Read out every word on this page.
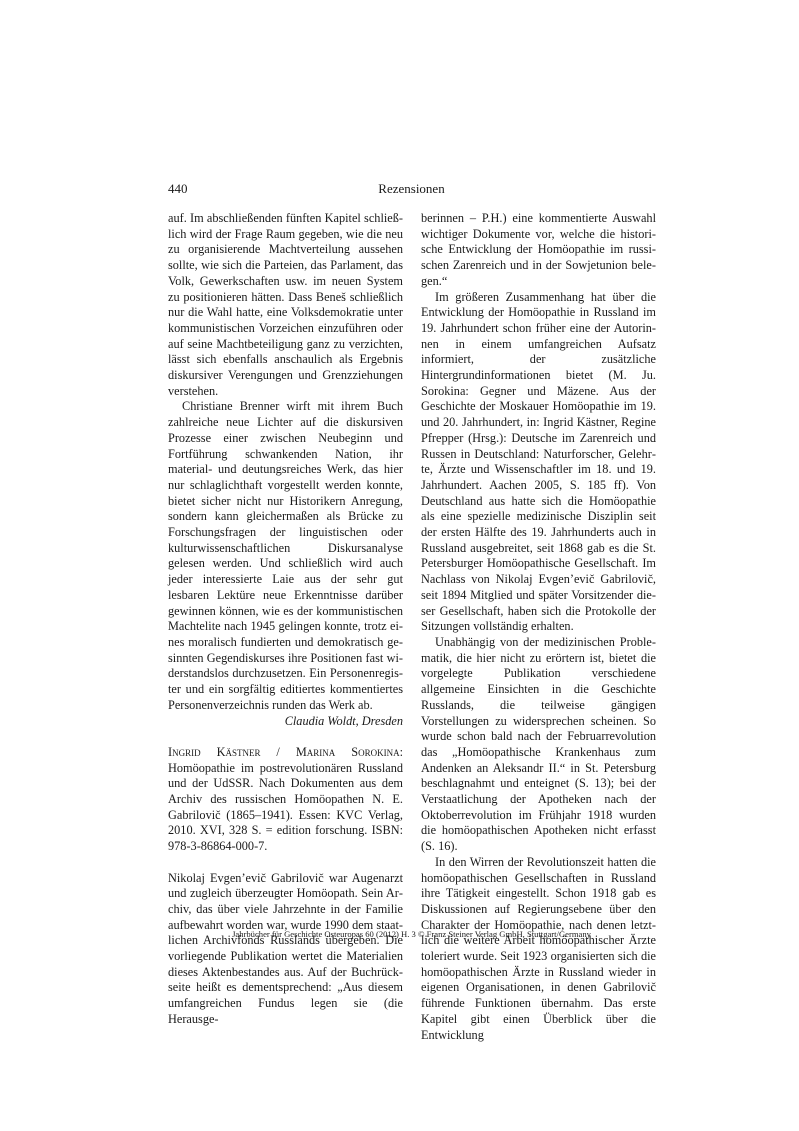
440	Rezensionen

auf. Im abschließenden fünften Kapitel schließlich wird der Frage Raum gegeben, wie die neu zu organisierende Machtverteilung aussehen sollte, wie sich die Parteien, das Parlament, das Volk, Gewerkschaften usw. im neuen System zu positionieren hätten. Dass Beneš schließlich nur die Wahl hatte, eine Volksdemokratie unter kommunistischen Vorzeichen einzuführen oder auf seine Machtbeteiligung ganz zu verzichten, lässt sich ebenfalls anschaulich als Ergebnis diskursiver Verengungen und Grenzziehungen verstehen.

Christiane Brenner wirft mit ihrem Buch zahlreiche neue Lichter auf die diskursiven Prozesse einer zwischen Neubeginn und Fortführung schwankenden Nation, ihr material- und deutungsreiches Werk, das hier nur schlaglichthaft vorgestellt werden konnte, bietet sicher nicht nur Historikern Anregung, sondern kann gleichermaßen als Brücke zu Forschungsfragen der linguistischen oder kulturwissenschaftlichen Diskursanalyse gelesen werden. Und schließlich wird auch jeder interessierte Laie aus der sehr gut lesbaren Lektüre neue Erkenntnisse darüber gewinnen können, wie es der kommunistischen Machtelite nach 1945 gelingen konnte, trotz eines moralisch fundierten und demokratisch gesinnten Gegendiskurses ihre Positionen fast widerstandslos durchzusetzen. Ein Personenregister und ein sorgfältig editiertes kommentiertes Personenverzeichnis runden das Werk ab.

Claudia Woldt, Dresden

Ingrid Kästner / Marina Sorokina: Homöopathie im postrevolutionären Russland und der UdSSR. Nach Dokumenten aus dem Archiv des russischen Homöopathen N. E. Gabrilovič (1865–1941). Essen: KVC Verlag, 2010. XVI, 328 S. = edition forschung. ISBN: 978-3-86864-000-7.

Nikolaj Evgen’evič Gabrilovič war Augenarzt und zugleich überzeugter Homöopath. Sein Archiv, das über viele Jahrzehnte in der Familie aufbewahrt worden war, wurde 1990 dem staatlichen Archivfonds Russlands übergeben. Die vorliegende Publikation wertet die Materialien dieses Aktenbestandes aus. Auf der Buchrückseite heißt es dementsprechend: „Aus diesem umfangreichen Fundus legen sie (die Herausge-

berinnen – P.H.) eine kommentierte Auswahl wichtiger Dokumente vor, welche die historische Entwicklung der Homöopathie im russischen Zarenreich und in der Sowjetunion belegen.“

Im größeren Zusammenhang hat über die Entwicklung der Homöopathie in Russland im 19. Jahrhundert schon früher eine der Autorinnen in einem umfangreichen Aufsatz informiert, der zusätzliche Hintergrundinformationen bietet (M. Ju. Sorokina: Gegner und Mäzene. Aus der Geschichte der Moskauer Homöopathie im 19. und 20. Jahrhundert, in: Ingrid Kästner, Regine Pfrepper (Hrsg.): Deutsche im Zarenreich und Russen in Deutschland: Naturforscher, Gelehrte, Ärzte und Wissenschaftler im 18. und 19. Jahrhundert. Aachen 2005, S. 185 ff). Von Deutschland aus hatte sich die Homöopathie als eine spezielle medizinische Disziplin seit der ersten Hälfte des 19. Jahrhunderts auch in Russland ausgebreitet, seit 1868 gab es die St. Petersburger Homöopathische Gesellschaft. Im Nachlass von Nikolaj Evgen’evič Gabrilovič, seit 1894 Mitglied und später Vorsitzender dieser Gesellschaft, haben sich die Protokolle der Sitzungen vollständig erhalten.

Unabhängig von der medizinischen Problematik, die hier nicht zu erörtern ist, bietet die vorgelegte Publikation verschiedene allgemeine Einsichten in die Geschichte Russlands, die teilweise gängigen Vorstellungen zu widersprеchen scheinen. So wurde schon bald nach der Februarrevolution das „Homöopathische Krankenhaus zum Andenken an Aleksandr II.“ in St. Petersburg beschlagnahmt und enteignet (S. 13); bei der Verstaatlichung der Apotheken nach der Oktoberrevolution im Frühjahr 1918 wurden die homöopathischen Apotheken nicht erfasst (S. 16).

In den Wirren der Revolutionszeit hatten die homöopathischen Gesellschaften in Russland ihre Tätigkeit eingestellt. Schon 1918 gab es Diskussionen auf Regierungsebene über den Charakter der Homöopathie, nach denen letztlich die weitere Arbeit homöopathischer Ärzte toleriert wurde. Seit 1923 organisierten sich die homöopathischen Ärzte in Russland wieder in eigenen Organisationen, in denen Gabrilovič führende Funktionen übernahm. Das erste Kapitel gibt einen Überblick über die Entwicklung

Jahrbücher für Geschichte Osteuropas 60 (2012) H. 3 © Franz Steiner Verlag GmbH, Stuttgart/Germany
